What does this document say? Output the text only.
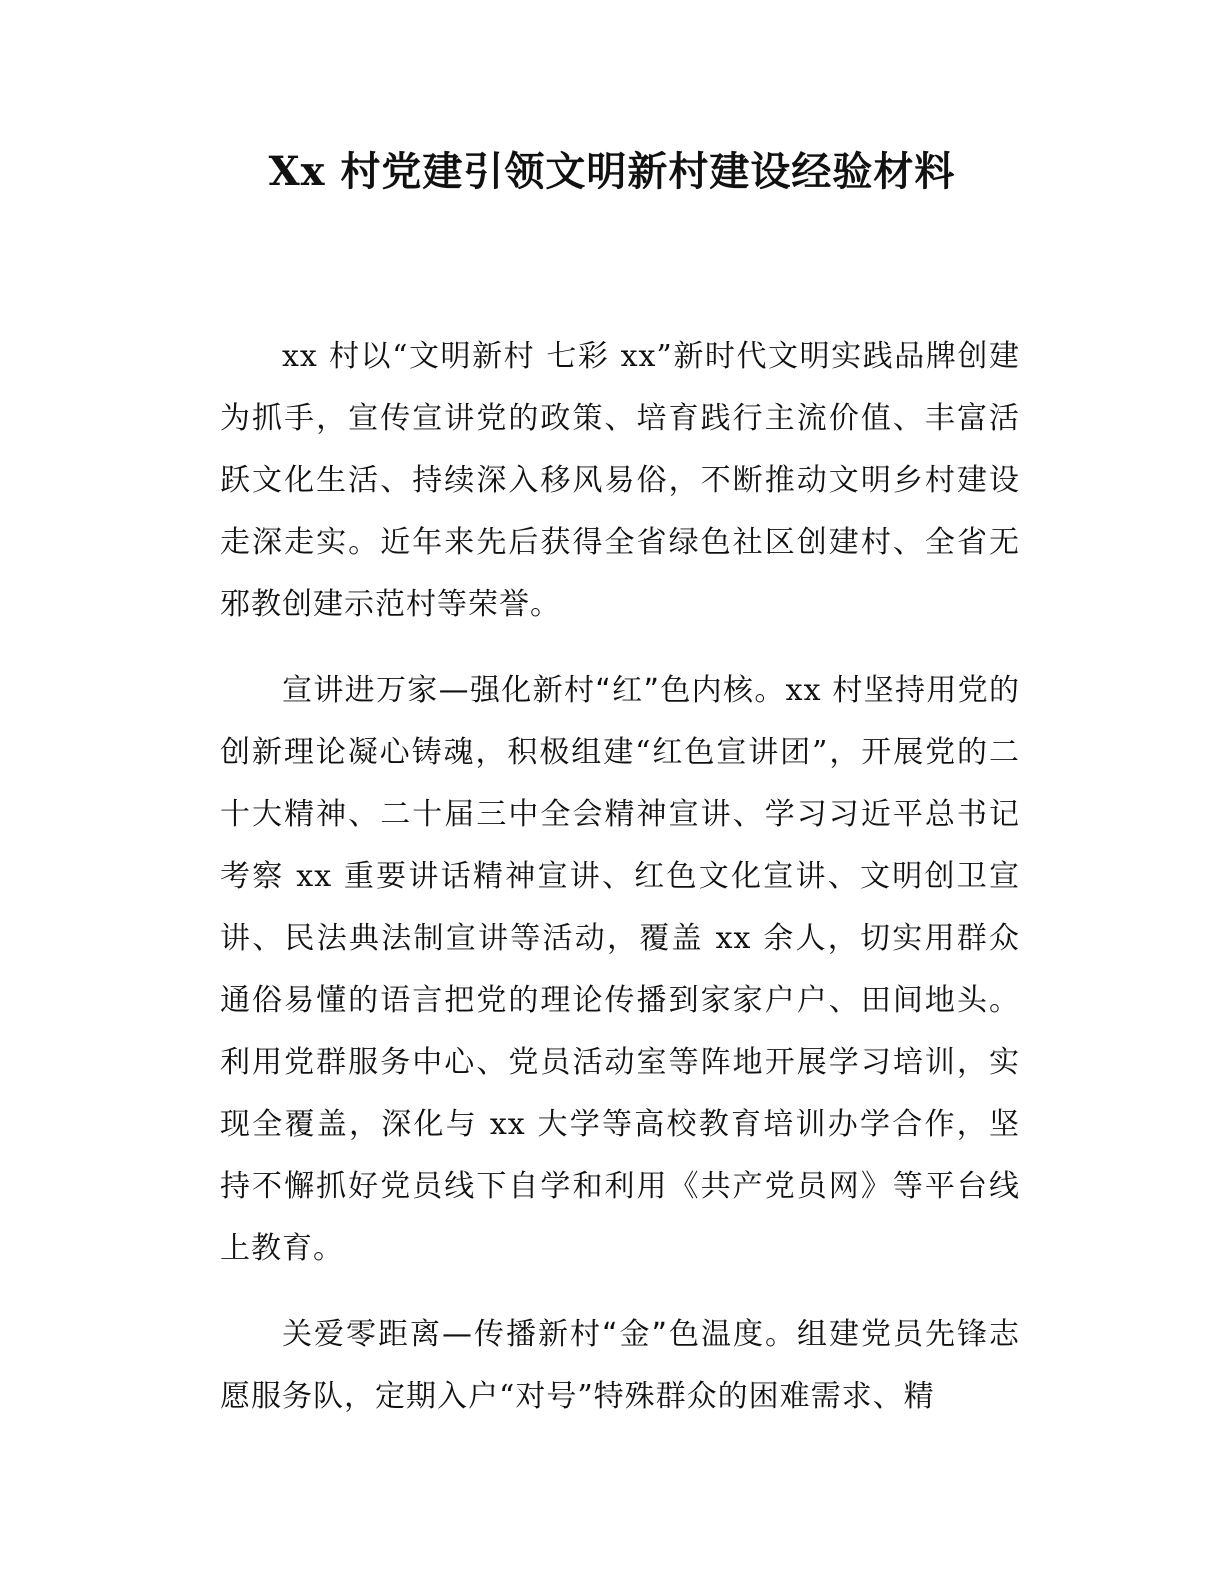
Xx 村党建引领文明新村建设经验材料

xx 村以“文明新村 七彩 xx”新时代文明实践品牌创建为抓手，宣传宣讲党的政策、培育践行主流价值、丰富活跃文化生活、持续深入移风易俗，不断推动文明乡村建设走深走实。近年来先后获得全省绿色社区创建村、全省无邪教创建示范村等荣誉。

宣讲进万家—强化新村“红”色内核。xx 村坚持用党的创新理论凝心铸魂，积极组建“红色宣讲团”，开展党的二十大精神、二十届三中全会精神宣讲、学习习近平总书记考察 xx 重要讲话精神宣讲、红色文化宣讲、文明创卫宣讲、民法典法制宣讲等活动，覆盖 xx 余人，切实用群众通俗易懂的语言把党的理论传播到家家户户、田间地头。利用党群服务中心、党员活动室等阵地开展学习培训，实现全覆盖，深化与 xx 大学等高校教育培训办学合作，坚持不懈抓好党员线下自学和利用《共产党员网》等平台线上教育。

关爱零距离—传播新村“金”色温度。组建党员先锋志愿服务队，定期入户“对号”特殊群众的困难需求、精
